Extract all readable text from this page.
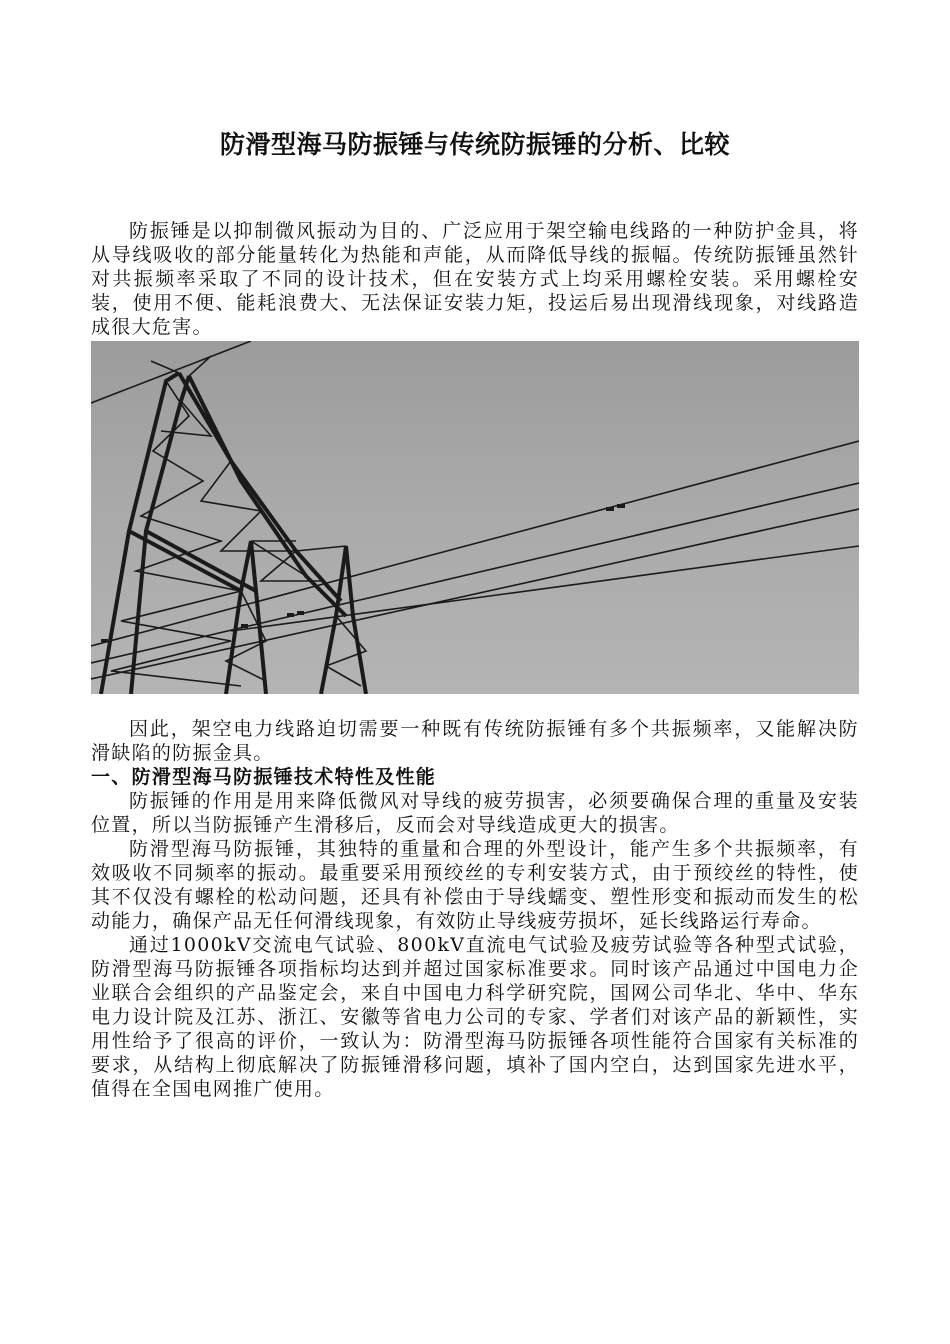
防滑型海马防振锤与传统防振锤的分析、比较

防振锤是以抑制微风振动为目的、广泛应用于架空输电线路的一种防护金具，将从导线吸收的部分能量转化为热能和声能，从而降低导线的振幅。传统防振锤虽然针对共振频率采取了不同的设计技术，但在安装方式上均采用螺栓安装。采用螺栓安装，使用不便、能耗浪费大、无法保证安装力矩，投运后易出现滑线现象，对线路造成很大危害。

因此，架空电力线路迫切需要一种既有传统防振锤有多个共振频率，又能解决防滑缺陷的防振金具。

一、防滑型海马防振锤技术特性及性能

防振锤的作用是用来降低微风对导线的疲劳损害，必须要确保合理的重量及安装位置，所以当防振锤产生滑移后，反而会对导线造成更大的损害。

防滑型海马防振锤，其独特的重量和合理的外型设计，能产生多个共振频率，有效吸收不同频率的振动。最重要采用预绞丝的专利安装方式，由于预绞丝的特性，使其不仅没有螺栓的松动问题，还具有补偿由于导线蠕变、塑性形变和振动而发生的松动能力，确保产品无任何滑线现象，有效防止导线疲劳损坏，延长线路运行寿命。

通过1000kV交流电气试验、800kV直流电气试验及疲劳试验等各种型式试验，防滑型海马防振锤各项指标均达到并超过国家标准要求。同时该产品通过中国电力企业联合会组织的产品鉴定会，来自中国电力科学研究院，国网公司华北、华中、华东电力设计院及江苏、浙江、安徽等省电力公司的专家、学者们对该产品的新颖性，实用性给予了很高的评价，一致认为：防滑型海马防振锤各项性能符合国家有关标准的要求，从结构上彻底解决了防振锤滑移问题，填补了国内空白，达到国家先进水平，值得在全国电网推广使用。
